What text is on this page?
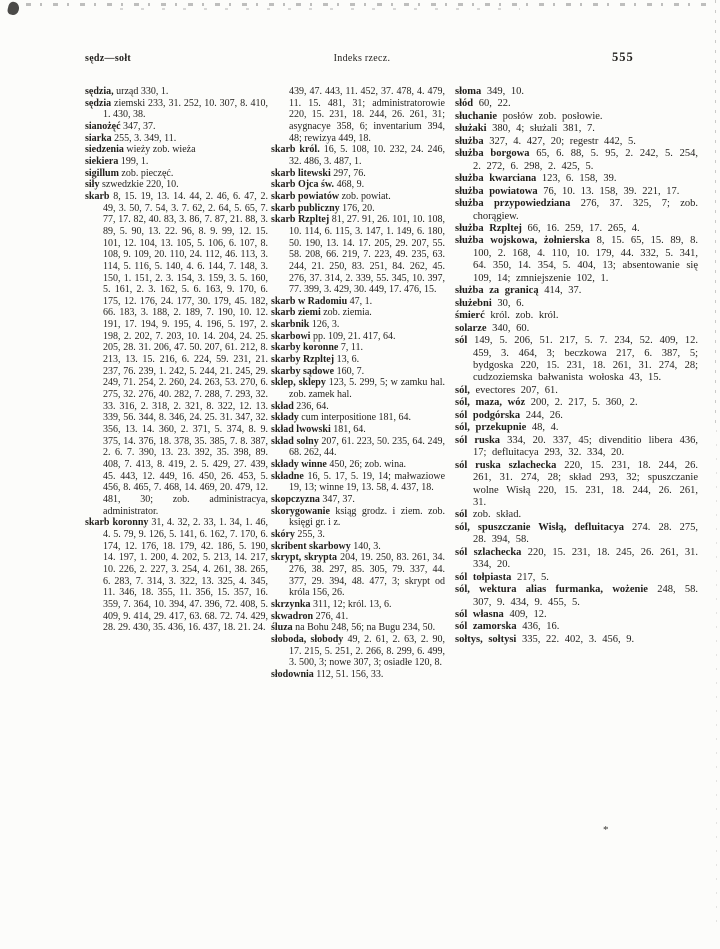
sędz—sołt	Indeks rzecz.	555

sędzia, urząd 330, 1.

sędzia ziemski 233, 31. 252, 10. 307, 8. 410, 1. 430, 38.

sianożęć 347, 37.

siarka 255, 3. 349, 11.

siedzenia wieży zob. wieża

siekiera 199, 1.

sigillum zob. pieczęć.

siły szwedzkie 220, 10.

skarb 8, 15. 19, 13. 14. 44, 2. 46, 6. 47, 2. 49, 3. 50, 7. 54, 3. 7. 62, 2. 64, 5. 65, 7. 77, 17. 82, 40. 83, 3. 86, 7. 87, 21. 88, 3. 89, 5. 90, 13. 22. 96, 8. 9. 99, 12. 15. 101, 12. 104, 13. 105, 5. 106, 6. 107, 8. 108, 9. 109, 20. 110, 24. 112, 46. 113, 3. 114, 5. 116, 5. 140, 4. 6. 144, 7. 148, 3. 150, 1. 151, 2. 3. 154, 3. 159, 3. 5. 160, 5. 161, 2. 3. 162, 5. 6. 163, 9. 170, 6. 175, 12. 176, 24. 177, 30. 179, 45. 182, 66. 183, 3. 188, 2. 189, 7. 190, 10. 12. 191, 17. 194, 9. 195, 4. 196, 5. 197, 2. 198, 2. 202, 7. 203, 10. 14. 204, 24. 25. 205, 28. 31. 206, 47. 50. 207, 61. 212, 8. 213, 13. 15. 216, 6. 224, 59. 231, 21. 237, 76. 239, 1. 242, 5. 244, 21. 245, 29. 249, 71. 254, 2. 260, 24. 263, 53. 270, 6. 275, 32. 276, 40. 282, 7. 288, 7. 293, 32. 33. 316, 2. 318, 2. 321, 8. 322, 12. 13. 339, 56. 344, 8. 346, 24. 25. 31. 347, 32. 356, 13. 14. 360, 2. 371, 5. 374, 8. 9. 375, 14. 376, 18. 378, 35. 385, 7. 8. 387, 2. 6. 7. 390, 13. 23. 392, 35. 398, 89. 408, 7. 413, 8. 419, 2. 5. 429, 27. 439, 45. 443, 12. 449, 16. 450, 26. 453, 5. 456, 8. 465, 7. 468, 14. 469, 20. 479, 12. 481, 30; zob. administracya, administrator.

skarb koronny 31, 4. 32, 2. 33, 1. 34, 1. 46, 4. 5. 79, 9. 126, 5. 141, 6. 162, 7. 170, 6. 174, 12. 176, 18. 179, 42. 186, 5. 190, 14. 197, 1. 200, 4. 202, 5. 213, 14. 217, 10. 226, 2. 227, 3. 254, 4. 261, 38. 265, 6. 283, 7. 314, 3. 322, 13. 325, 4. 345, 11. 346, 18. 355, 11. 356, 15. 357, 16. 359, 7. 364, 10. 394, 47. 396, 72. 408, 5. 409, 9. 414, 29. 417, 63. 68. 72. 74. 429, 28. 29. 430, 35. 436, 16. 437, 18. 21. 24.

439, 47. 443, 11. 452, 37. 478, 4. 479, 11. 15. 481, 31; administratorowie 220, 15. 231, 18. 244, 26. 261, 31; asygnacye 358, 6; inventarium 394, 48; rewizya 449, 18.

skarb król. 16, 5. 108, 10. 232, 24. 246, 32. 486, 3. 487, 1.

skarb litewski 297, 76.

skarb Ojca św. 468, 9.

skarb powiatów zob. powiat.

skarb publiczny 176, 20.

skarb Rzpltej 81, 27. 91, 26. 101, 10. 108, 10. 114, 6. 115, 3. 147, 1. 149, 6. 180, 50. 190, 13. 14. 17. 205, 29. 207, 55. 58. 208, 66. 219, 7. 223, 49. 235, 63. 244, 21. 250, 83. 251, 84. 262, 45. 276, 37. 314, 2. 339, 55. 345, 10. 397, 77. 399, 3. 429, 30. 449, 17. 476, 15.

skarb w Radomiu 47, 1.

skarb ziemi zob. ziemia.

skarbnik 126, 3.

skarbowi pp. 109, 21. 417, 64.

skarby koronne 7, 11.

skarby Rzpltej 13, 6.

skarby sądowe 160, 7.

sklep, sklepy 123, 5. 299, 5; w zamku hal. zob. zamek hal.

skład 236, 64.

składy cum interpositione 181, 64.

skład lwowski 181, 64.

skład solny 207, 61. 223, 50. 235, 64. 249, 68. 262, 44.

składy winne 450, 26; zob. wina.

składne 16, 5. 17, 5. 19, 14; małwaziowe 19, 13; winne 19, 13. 58, 4. 437, 18.

skopczyzna 347, 37.

skorygowanie ksiąg grodz. i ziem. zob. księgi gr. i z.

skóry 255, 3.

skribent skarbowy 140, 3.

skrypt, skrypta 204, 19. 250, 83. 261, 34. 276, 38. 297, 85. 305, 79. 337, 44. 377, 29. 394, 48. 477, 3; skrypt od króla 156, 26.

skrzynka 311, 12; król. 13, 6.

skwadron 276, 41.

śluza na Bohu 248, 56; na Bugu 234, 50.

słoboda, słobody 49, 2. 61, 2. 63, 2. 90, 17. 215, 5. 251, 2. 266, 8. 299, 6. 499, 3. 500, 3; nowe 307, 3; osiadłe 120, 8.

słodownia 112, 51. 156, 33.

słoma 349, 10.

słód 60, 22.

słuchanie posłów zob. posłowie.

służaki 380, 4; służali 381, 7.

służba 327, 4. 427, 20; regestr 442, 5.

służba borgowa 65, 6. 88, 5. 95, 2. 242, 5. 254, 2. 272, 6. 298, 2. 425, 5.

służba kwarciana 123, 6. 158, 39.

służba powiatowa 76, 10. 13. 158, 39. 221, 17.

służba przypowiedziana 276, 37. 325, 7; zob. chorągiew.

służba Rzpltej 66, 16. 259, 17. 265, 4.

służba wojskowa, żołnierska 8, 15. 65, 15. 89, 8. 100, 2. 168, 4. 110, 10. 179, 44. 332, 5. 341, 64. 350, 14. 354, 5. 404, 13; absentowanie się 109, 14; zmniejszenie 102, 1.

służba za granicą 414, 37.

służebni 30, 6.

śmierć król. zob. król.

solarze 340, 60.

sól 149, 5. 206, 51. 217, 5. 7. 234, 52. 409, 12. 459, 3. 464, 3; beczkowa 217, 6. 387, 5; bydgoska 220, 15. 231, 18. 261, 31. 274, 28; cudzoziemska bałwanista wołoska 43, 15.

sól, evectores 207, 61.

sól, maza, wóz 200, 2. 217, 5. 360, 2.

sól podgórska 244, 26.

sól, przekupnie 48, 4.

sól ruska 334, 20. 337, 45; divenditio libera 436, 17; defluitacya 293, 32. 334, 20.

sól ruska szlachecka 220, 15. 231, 18. 244, 26. 261, 31. 274, 28; skład 293, 32; spuszczanie wolne Wisłą 220, 15. 231, 18. 244, 26. 261, 31.

sól zob. skład.

sól, spuszczanie Wisłą, defluitacya 274. 28. 275, 28. 394, 58.

sól szlachecka 220, 15. 231, 18. 245, 26. 261, 31. 334, 20.

sól tołpiasta 217, 5.

sól, wektura alias furmanka, wożenie 248, 58. 307, 9. 434, 9. 455, 5.

sól własna 409, 12.

sól zamorska 436, 16.

sołtys, sołtysi 335, 22. 402, 3. 456, 9.

*
